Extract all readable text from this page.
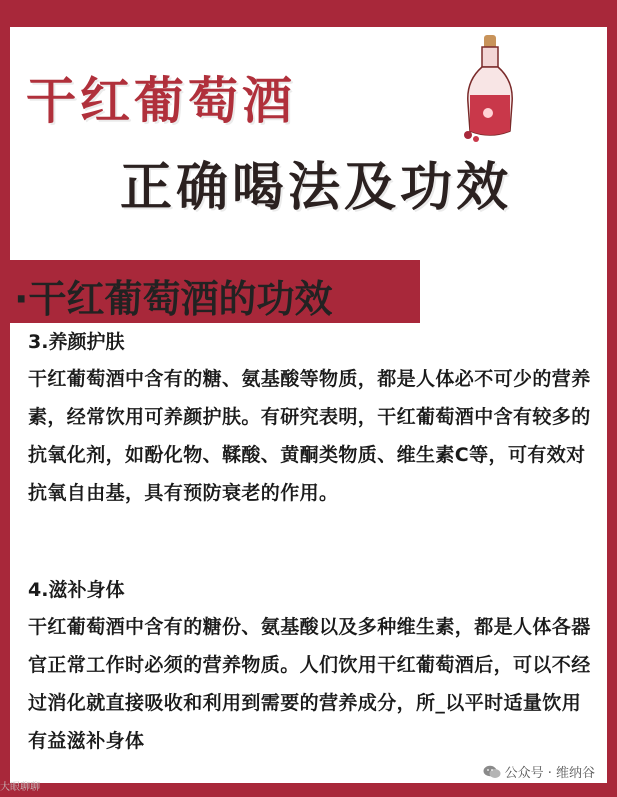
干红葡萄酒
正确喝法及功效
·干红葡萄酒的功效
3.养颜护肤
干红葡萄酒中含有的糖、氨基酸等物质，都是人体必不可少的营养素，经常饮用可养颜护肤。有研究表明，干红葡萄酒中含有较多的抗氧化剂，如酚化物、鞣酸、黄酮类物质、维生素C等，可有效对抗氧自由基，具有预防衰老的作用。
4.滋补身体
干红葡萄酒中含有的糖份、氨基酸以及多种维生素，都是人体各器官正常工作时必须的营养物质。人们饮用干红葡萄酒后，可以不经过消化就直接吸收和利用到需要的营养成分，所_以平时适量饮用有益滋补身体
大眼聊聊
公众号 · 维纳谷
